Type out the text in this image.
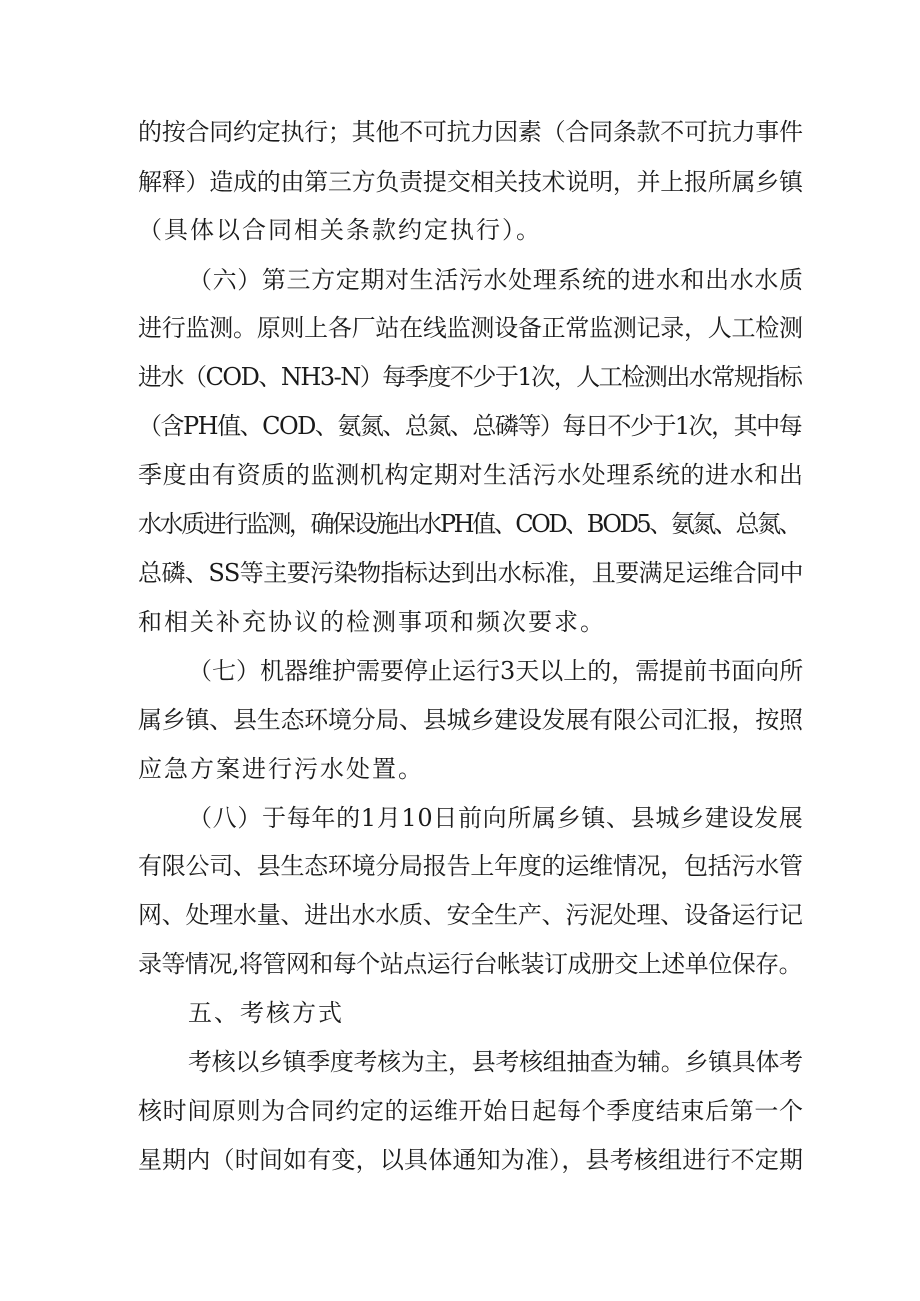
的按合同约定执行；其他不可抗力因素（合同条款不可抗力事件
解释）造成的由第三方负责提交相关技术说明，并上报所属乡镇
（具体以合同相关条款约定执行）。
（六）第三方定期对生活污水处理系统的进水和出水水质
进行监测。原则上各厂站在线监测设备正常监测记录，人工检测
进水（COD、NH3-N）每季度不少于1次，人工检测出水常规指标
（含PH值、COD、氨氮、总氮、总磷等）每日不少于1次，其中每
季度由有资质的监测机构定期对生活污水处理系统的进水和出
水水质进行监测，确保设施出水PH值、COD、BOD5、氨氮、总氮、
总磷、SS等主要污染物指标达到出水标准，且要满足运维合同中
和相关补充协议的检测事项和频次要求。
（七）机器维护需要停止运行3天以上的，需提前书面向所
属乡镇、县生态环境分局、县城乡建设发展有限公司汇报，按照
应急方案进行污水处置。
（八）于每年的1月10日前向所属乡镇、县城乡建设发展
有限公司、县生态环境分局报告上年度的运维情况，包括污水管
网、处理水量、进出水水质、安全生产、污泥处理、设备运行记
录等情况,将管网和每个站点运行台帐装订成册交上述单位保存。
五、考核方式
考核以乡镇季度考核为主，县考核组抽查为辅。乡镇具体考
核时间原则为合同约定的运维开始日起每个季度结束后第一个
星期内（时间如有变，以具体通知为准），县考核组进行不定期
